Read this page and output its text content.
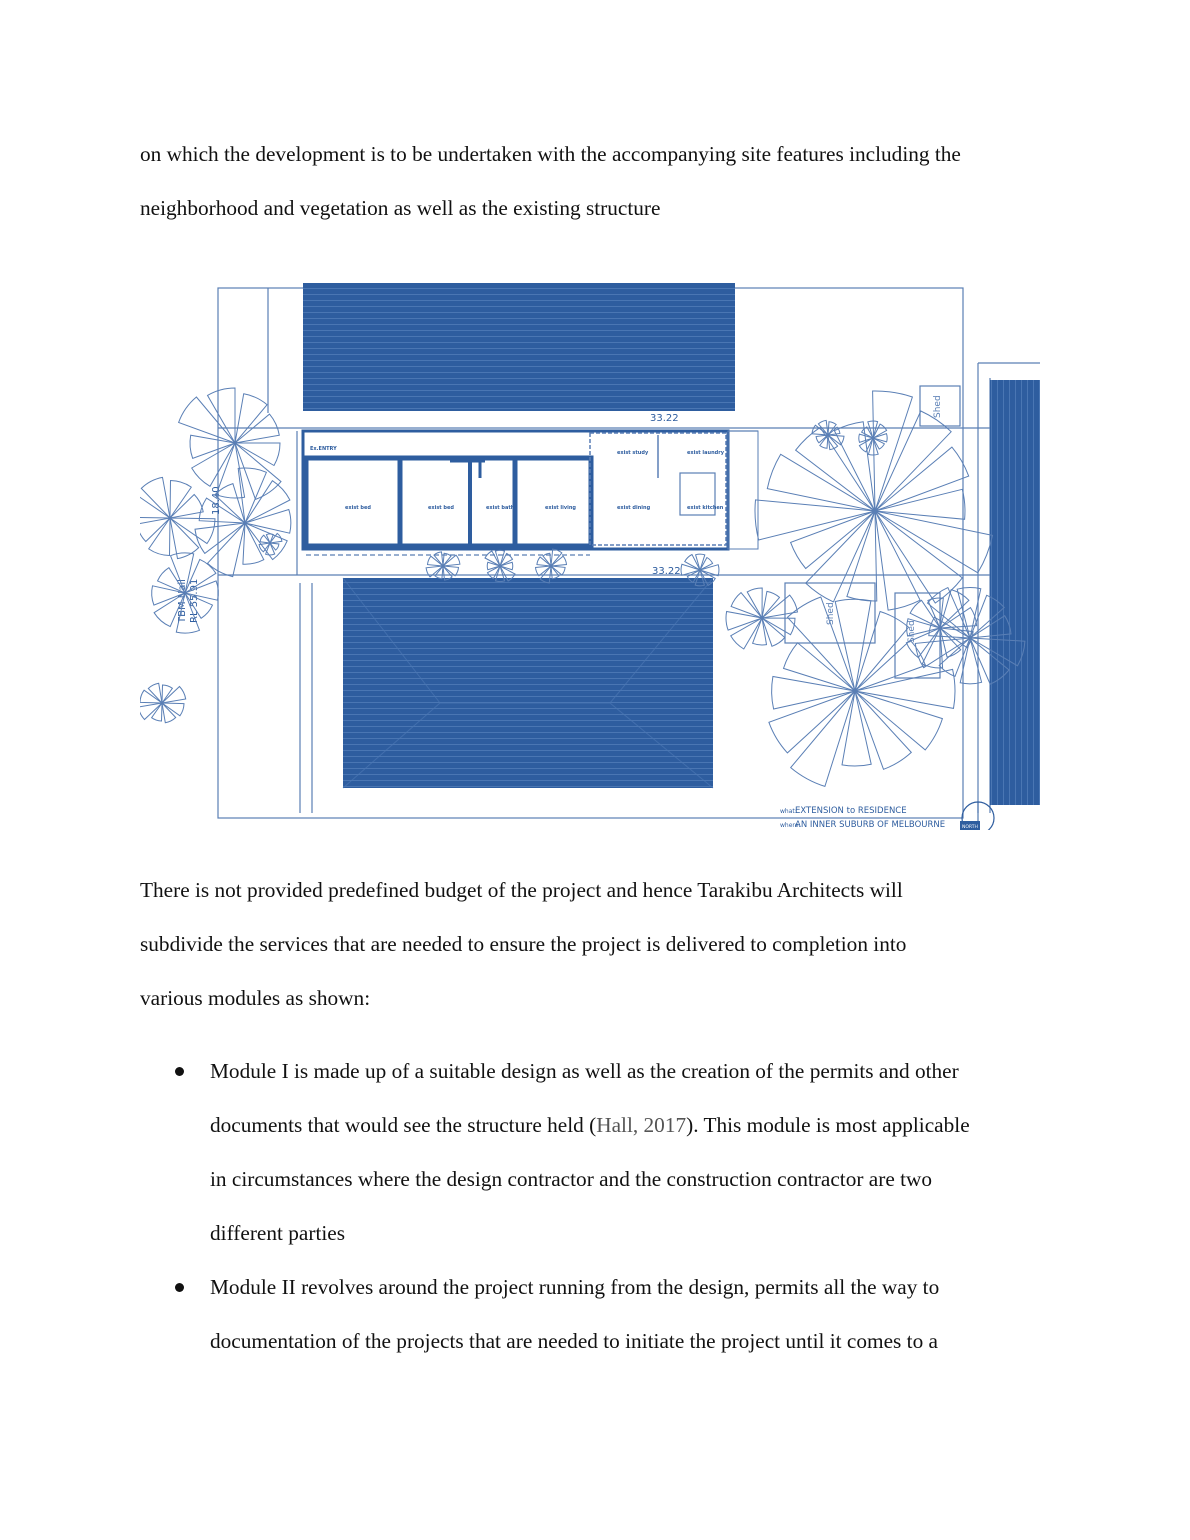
on which the development is to be undertaken with the accompanying site features including the
neighborhood and vegetation as well as the existing structure

exist bed	exist bed	exist bath	exist living	exist dining	exist kitchen
exist study	exist laundry
Ex.ENTRY
33.22
33.22
18.40
TBM Nail RL 55.91
Shed
Shed
Shed
what:
EXTENSION to RESIDENCE
where:
AN INNER SUBURB OF MELBOURNE	NORTH

There is not provided predefined budget of the project and hence Tarakibu Architects will
subdivide the services that are needed to ensure the project is delivered to completion into
various modules as shown:

Module I is made up of a suitable design as well as the creation of the permits and other
documents that would see the structure held (Hall, 2017). This module is most applicable
in circumstances where the design contractor and the construction contractor are two
different parties
Module II revolves around the project running from the design, permits all the way to
documentation of the projects that are needed to initiate the project until it comes to a
